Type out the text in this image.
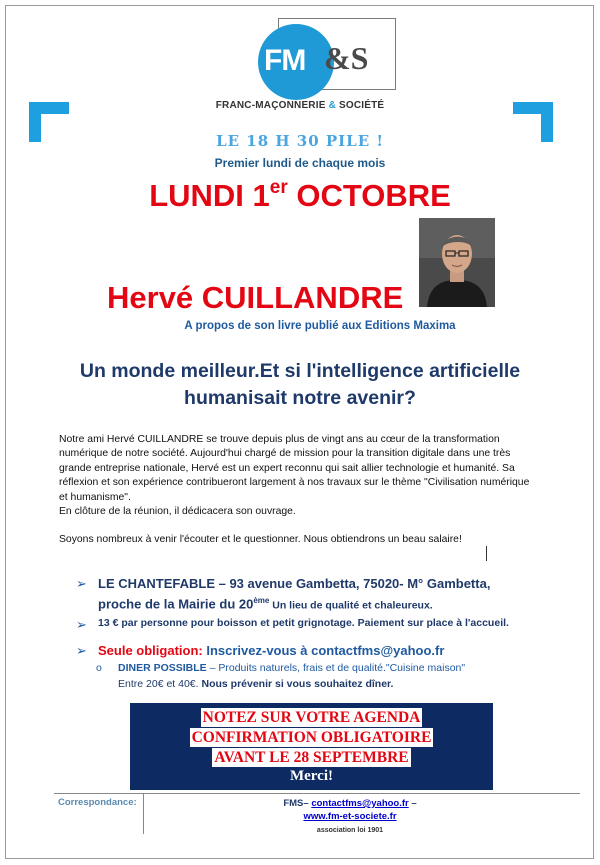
FM &S
FRANC-MAÇONNERIE & SOCIÉTÉ
LE 18 H 30 PILE !
Premier lundi de chaque mois
LUNDI 1er OCTOBRE
Hervé CUILLANDRE
A propos de son livre publié aux Editions Maxima
Un monde meilleur.Et si l'intelligence artificielle
humanisait notre avenir?

Notre ami Hervé CUILLANDRE se trouve depuis plus de vingt ans au cœur de la transformation numérique de notre société. Aujourd'hui chargé de mission pour la transition digitale dans une très grande entreprise nationale, Hervé est un expert reconnu qui sait allier technologie et humanité. Sa réflexion et son expérience contribueront largement à nos travaux sur le thème "Civilisation numérique et humanisme".

En clôture de la réunion, il dédicacera son ouvrage.

Soyons nombreux à venir l'écouter et le questionner. Nous obtiendrons un beau salaire!

➢ LE CHANTEFABLE – 93 avenue Gambetta, 75020- M° Gambetta,
proche de la Mairie du 20ème Un lieu de qualité et chaleureux.
➢ 13 € par personne pour boisson et petit grignotage. Paiement sur place à l'accueil.
➢ Seule obligation: Inscrivez-vous à contactfms@yahoo.fr
o DINER POSSIBLE – Produits naturels, frais et de qualité."Cuisine maison"
Entre 20€ et 40€. Nous prévenir si vous souhaitez dîner.
NOTEZ SUR VOTRE AGENDA
CONFIRMATION OBLIGATOIRE
AVANT LE 28 SEPTEMBRE
Merci!
Correspondance:	FMS– contactfms@yahoo.fr –
www.fm-et-societe.fr
association loi 1901
